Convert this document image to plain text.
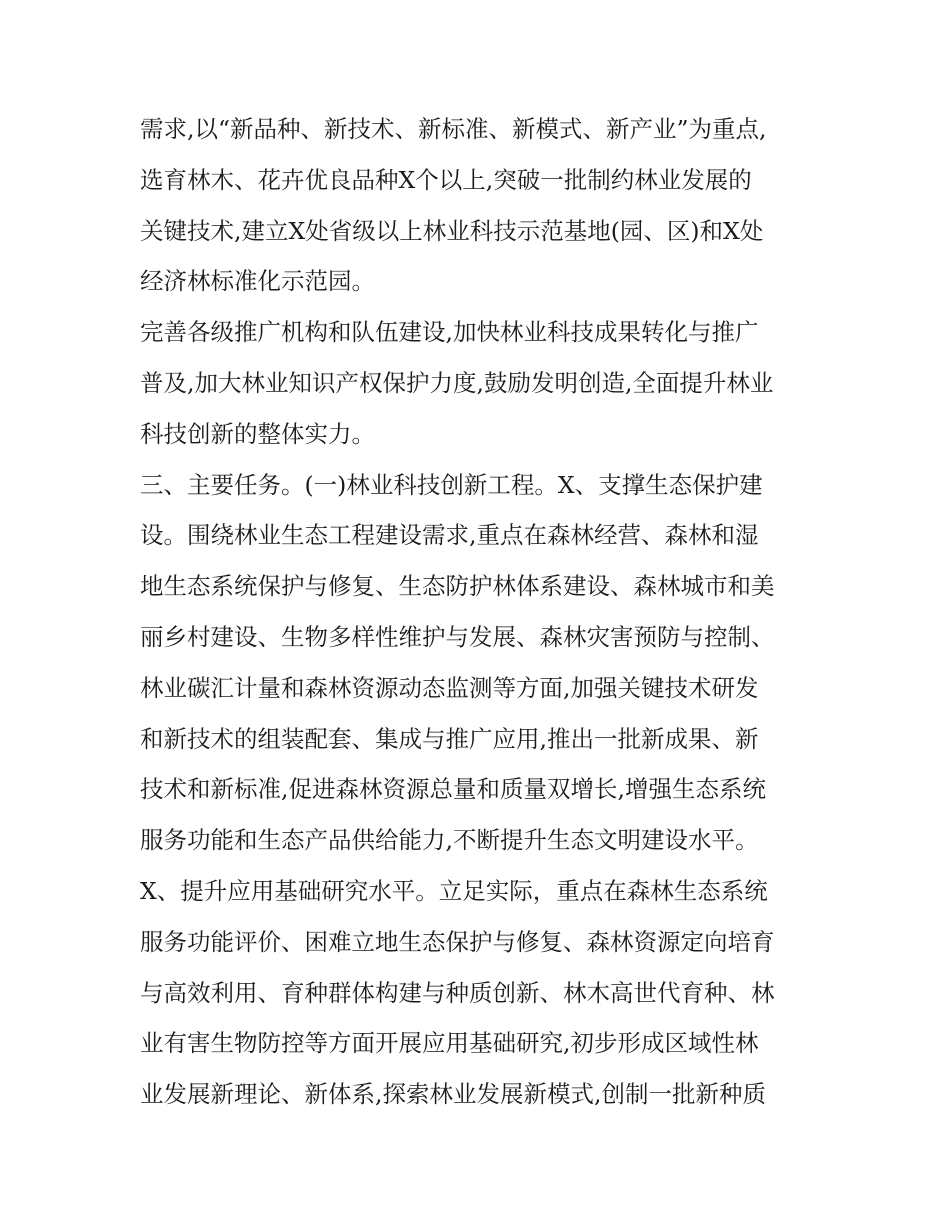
需求,以“新品种、新技术、新标准、新模式、新产业”为重点,
选育林木、花卉优良品种X个以上,突破一批制约林业发展的
关键技术,建立X处省级以上林业科技示范基地(园、区)和X处
经济林标准化示范园。
完善各级推广机构和队伍建设,加快林业科技成果转化与推广
普及,加大林业知识产权保护力度,鼓励发明创造,全面提升林业
科技创新的整体实力。
三、主要任务。(一)林业科技创新工程。X、支撑生态保护建
设。围绕林业生态工程建设需求,重点在森林经营、森林和湿
地生态系统保护与修复、生态防护林体系建设、森林城市和美
丽乡村建设、生物多样性维护与发展、森林灾害预防与控制、
林业碳汇计量和森林资源动态监测等方面,加强关键技术研发
和新技术的组装配套、集成与推广应用,推出一批新成果、新
技术和新标准,促进森林资源总量和质量双增长,增强生态系统
服务功能和生态产品供给能力,不断提升生态文明建设水平。
X、提升应用基础研究水平。立足实际，重点在森林生态系统
服务功能评价、困难立地生态保护与修复、森林资源定向培育
与高效利用、育种群体构建与种质创新、林木高世代育种、林
业有害生物防控等方面开展应用基础研究,初步形成区域性林
业发展新理论、新体系,探索林业发展新模式,创制一批新种质
